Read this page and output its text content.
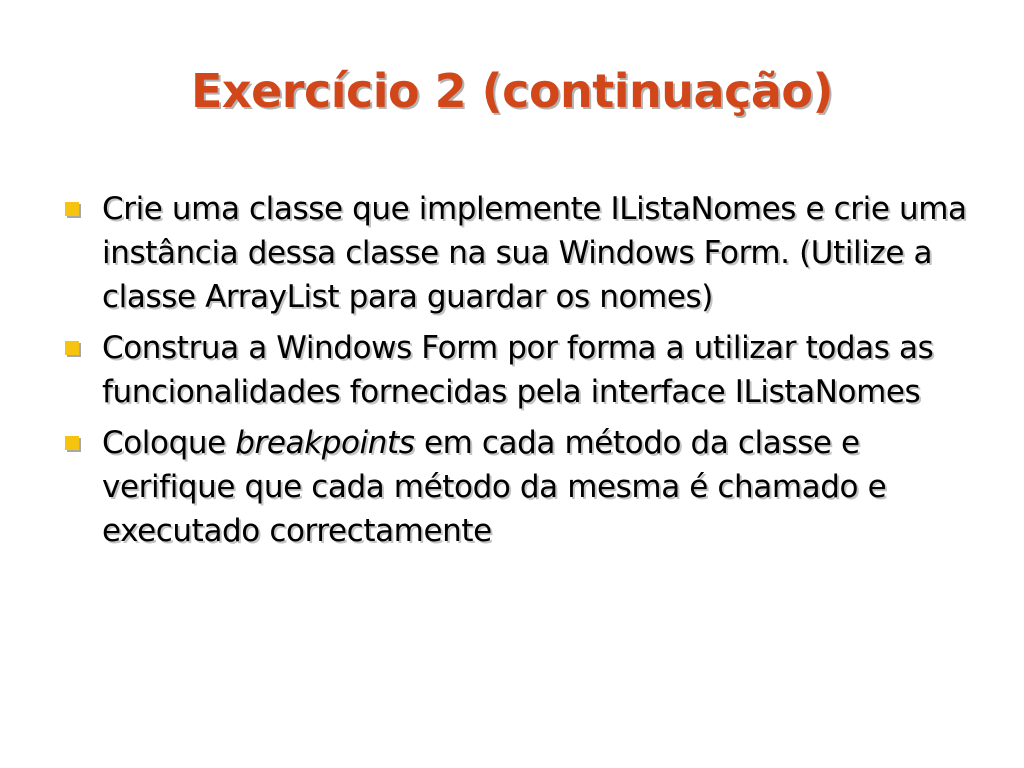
Exercício 2 (continuação)
Crie uma classe que implemente IListaNomes e crie uma instância dessa classe na sua Windows Form. (Utilize a classe ArrayList para guardar os nomes)
Construa a Windows Form por forma a utilizar todas as funcionalidades fornecidas pela interface IListaNomes
Coloque breakpoints em cada método da classe e verifique que cada método da mesma é chamado e executado correctamente
